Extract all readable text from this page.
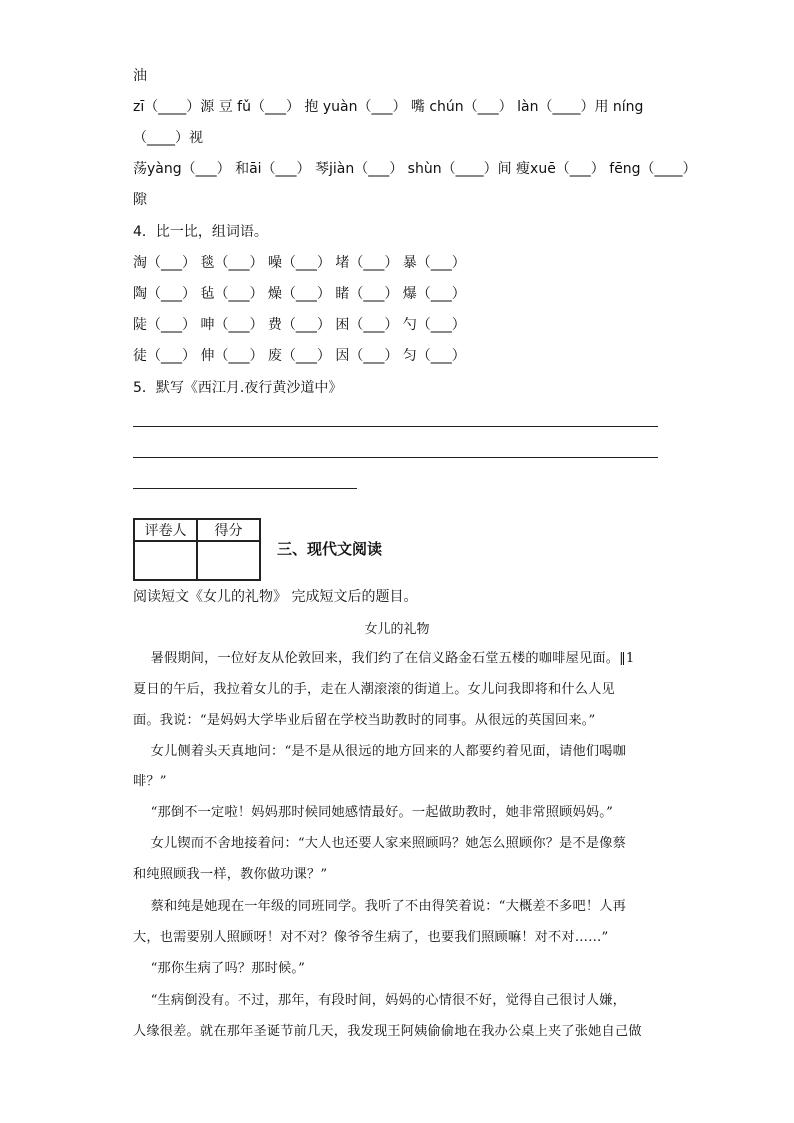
油
zī（____）源 豆 fǔ（___） 抱 yuàn（___） 嘴 chún（___） làn（____）用 níng
（____）视
荡yàng（___） 和āi（___） 琴jiàn（___） shùn（____）间 瘦xuē（___） fēng（____）
隙
4．比一比，组词语。
淘（___） 毯（___） 噪（___） 堵（___） 暴（___）
陶（___） 毡（___） 燥（___） 睹（___） 爆（___）
陡（___） 呻（___） 费（___） 困（___） 勺（___）
徒（___） 伸（___） 废（___） 因（___） 匀（___）
5．默写《西江月.夜行黄沙道中》
评卷人	得分

三、现代文阅读
阅读短文《女儿的礼物》 完成短文后的题目。
女儿的礼物
暑假期间，一位好友从伦敦回来，我们约了在信义路金石堂五楼的咖啡屋见面。‖1
夏日的午后，我拉着女儿的手，走在人潮滚滚的街道上。女儿问我即将和什么人见
面。我说：“是妈妈大学毕业后留在学校当助教时的同事。从很远的英国回来。”
女儿侧着头天真地问：“是不是从很远的地方回来的人都要约着见面，请他们喝咖
啡？”
“那倒不一定啦！妈妈那时候同她感情最好。一起做助教时，她非常照顾妈妈。”
女儿锲而不舍地接着问：“大人也还要人家来照顾吗？她怎么照顾你？是不是像蔡
和纯照顾我一样，教你做功课？”
蔡和纯是她现在一年级的同班同学。我听了不由得笑着说：“大概差不多吧！人再
大，也需要别人照顾呀！对不对？像爷爷生病了，也要我们照顾嘛！对不对……”
“那你生病了吗？那时候。”
“生病倒没有。不过，那年，有段时间，妈妈的心情很不好，觉得自己很讨人嫌，
人缘很差。就在那年圣诞节前几天，我发现王阿姨偷偷地在我办公桌上夹了张她自己做
